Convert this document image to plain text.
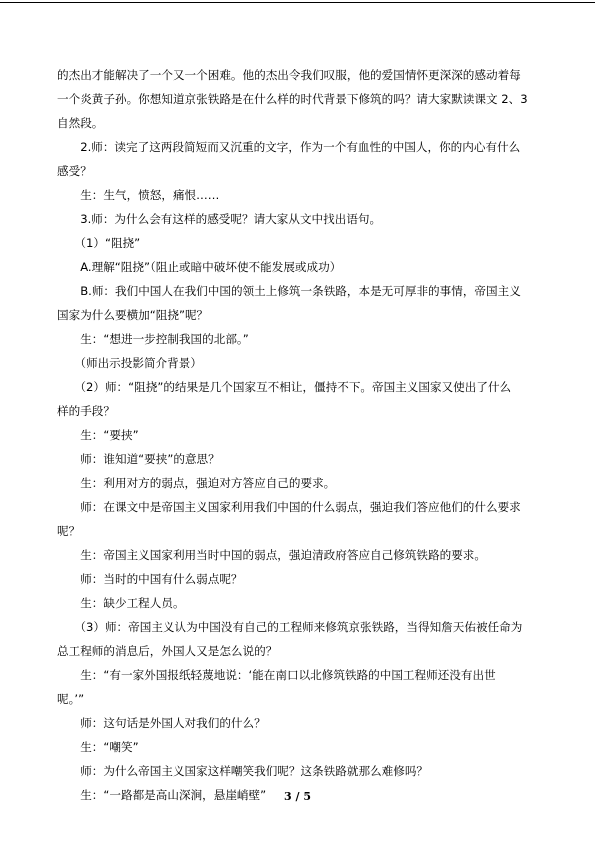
的杰出才能解决了一个又一个困难。他的杰出令我们叹服，他的爱国情怀更深深的感动着每

一个炎黄子孙。你想知道京张铁路是在什么样的时代背景下修筑的吗？请大家默读课文 2、3

自然段。

　　2.师：读完了这两段简短而又沉重的文字，作为一个有血性的中国人，你的内心有什么

感受？

　　生：生气，愤怒，痛恨……

　　3.师：为什么会有这样的感受呢？请大家从文中找出语句。

　　（1）“阻挠”

　　A.理解“阻挠”（阻止或暗中破坏使不能发展或成功）

　　B.师：我们中国人在我们中国的领土上修筑一条铁路，本是无可厚非的事情，帝国主义

国家为什么要横加“阻挠”呢？

　　生：“想进一步控制我国的北部。”

　　（师出示投影简介背景）

　　（2）师：“阻挠”的结果是几个国家互不相让，僵持不下。帝国主义国家又使出了什么

样的手段？

　　生：“要挟”

　　师：谁知道“要挟”的意思？

　　生：利用对方的弱点，强迫对方答应自己的要求。

　　师：在课文中是帝国主义国家利用我们中国的什么弱点，强迫我们答应他们的什么要求

呢？

　　生：帝国主义国家利用当时中国的弱点，强迫清政府答应自己修筑铁路的要求。

　　师：当时的中国有什么弱点呢？

　　生：缺少工程人员。

　　（3）师：帝国主义认为中国没有自己的工程师来修筑京张铁路，当得知詹天佑被任命为

总工程师的消息后，外国人又是怎么说的？

　　生：“有一家外国报纸轻蔑地说：‘能在南口以北修筑铁路的中国工程师还没有出世

呢。’”

　　师：这句话是外国人对我们的什么？

　　生：“嘲笑”

　　师：为什么帝国主义国家这样嘲笑我们呢？这条铁路就那么难修吗？

　　生：“一路都是高山深涧，悬崖峭壁”	3 / 5
